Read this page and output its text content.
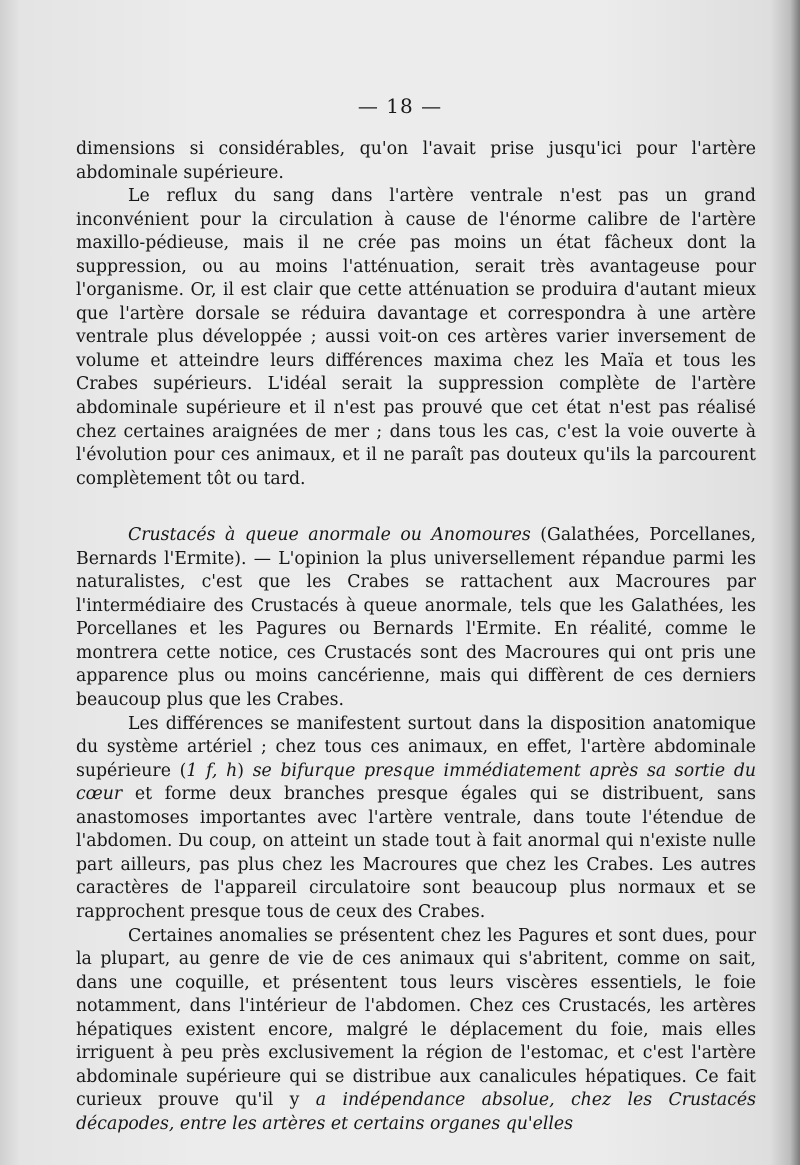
— 18 —

dimensions si considérables, qu'on l'avait prise jusqu'ici pour l'artère abdominale supérieure.

Le reflux du sang dans l'artère ventrale n'est pas un grand inconvénient pour la circulation à cause de l'énorme calibre de l'artère maxillo-pédieuse, mais il ne crée pas moins un état fâcheux dont la suppression, ou au moins l'atténuation, serait très avantageuse pour l'organisme. Or, il est clair que cette atténuation se produira d'autant mieux que l'artère dorsale se réduira davantage et correspondra à une artère ventrale plus développée ; aussi voit-on ces artères varier inversement de volume et atteindre leurs différences maxima chez les Maïa et tous les Crabes supérieurs. L'idéal serait la suppression complète de l'artère abdominale supérieure et il n'est pas prouvé que cet état n'est pas réalisé chez certaines araignées de mer ; dans tous les cas, c'est la voie ouverte à l'évolution pour ces animaux, et il ne paraît pas douteux qu'ils la parcourent complètement tôt ou tard.

Crustacés à queue anormale ou Anomoures (Galathées, Porcellanes, Bernards l'Ermite). — L'opinion la plus universellement répandue parmi les naturalistes, c'est que les Crabes se rattachent aux Macroures par l'intermédiaire des Crustacés à queue anormale, tels que les Galathées, les Porcellanes et les Pagures ou Bernards l'Ermite. En réalité, comme le montrera cette notice, ces Crustacés sont des Macroures qui ont pris une apparence plus ou moins cancérienne, mais qui diffèrent de ces derniers beaucoup plus que les Crabes.

Les différences se manifestent surtout dans la disposition anatomique du système artériel ; chez tous ces animaux, en effet, l'artère abdominale supérieure (1 f, h) se bifurque presque immédiatement après sa sortie du cœur et forme deux branches presque égales qui se distribuent, sans anastomoses importantes avec l'artère ventrale, dans toute l'étendue de l'abdomen. Du coup, on atteint un stade tout à fait anormal qui n'existe nulle part ailleurs, pas plus chez les Macroures que chez les Crabes. Les autres caractères de l'appareil circulatoire sont beaucoup plus normaux et se rapprochent presque tous de ceux des Crabes.

Certaines anomalies se présentent chez les Pagures et sont dues, pour la plupart, au genre de vie de ces animaux qui s'abritent, comme on sait, dans une coquille, et présentent tous leurs viscères essentiels, le foie notamment, dans l'intérieur de l'abdomen. Chez ces Crustacés, les artères hépatiques existent encore, malgré le déplacement du foie, mais elles irriguent à peu près exclusivement la région de l'estomac, et c'est l'artère abdominale supérieure qui se distribue aux canalicules hépatiques. Ce fait curieux prouve qu'il y a indépendance absolue, chez les Crustacés décapodes, entre les artères et certains organes qu'elles
